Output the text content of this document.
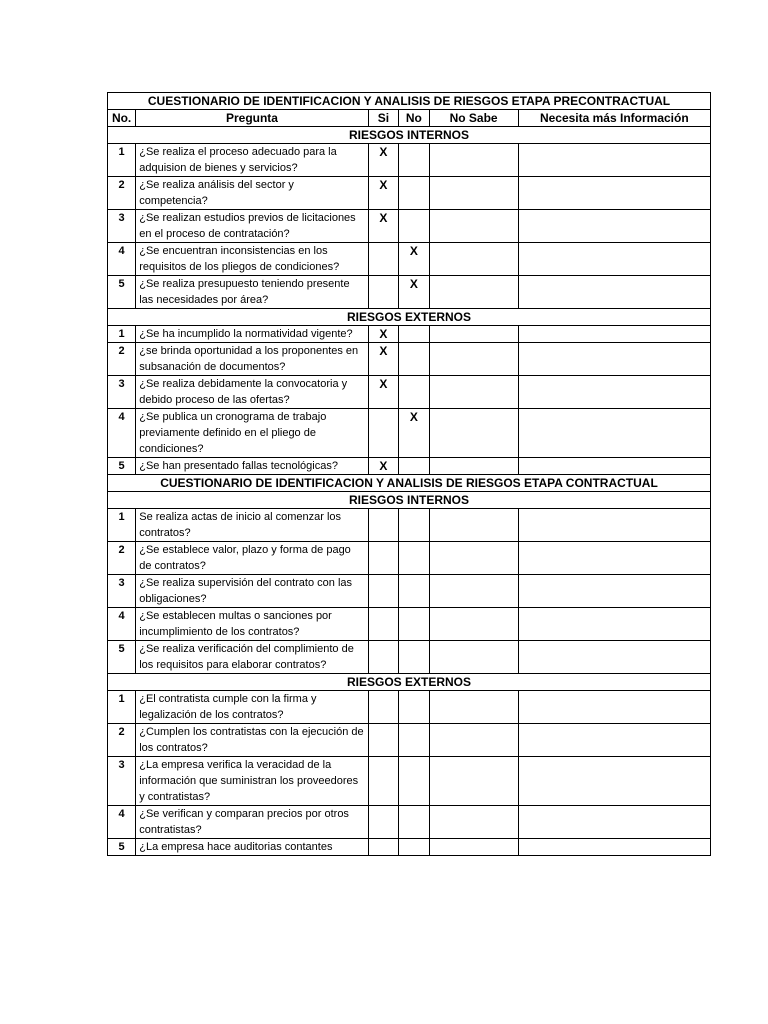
CUESTIONARIO DE IDENTIFICACION Y ANALISIS DE RIESGOS ETAPA PRECONTRACTUAL					
No.	Pregunta	Si	No	No Sabe	Necesita más Información
RIESGOS INTERNOS					
1	¿Se realiza el proceso adecuado para la adquision de bienes y servicios?	X			
2	¿Se realiza análisis del sector y competencia?	X			
3	¿Se realizan estudios previos de licitaciones en el proceso de contratación?	X			
4	¿Se encuentran inconsistencias en los requisitos de los pliegos de condiciones?		X		
5	¿Se realiza presupuesto teniendo presente las necesidades por área?		X		
RIESGOS EXTERNOS					
1	¿Se ha incumplido la normatividad vigente?	X			
2	¿se brinda oportunidad a los proponentes en subsanación de documentos?	X			
3	¿Se realiza debidamente la convocatoria y debido proceso de las ofertas?	X			
4	¿Se publica un cronograma de trabajo previamente definido en el pliego de condiciones?		X		
5	¿Se han presentado fallas tecnológicas?	X			
CUESTIONARIO DE IDENTIFICACION Y ANALISIS DE RIESGOS ETAPA CONTRACTUAL					
RIESGOS INTERNOS					
1	Se realiza actas de inicio al comenzar los contratos?				
2	¿Se establece valor, plazo y forma de pago de contratos?				
3	¿Se realiza supervisión del contrato con las obligaciones?				
4	¿Se establecen multas o sanciones por incumplimiento de los contratos?				
5	¿Se realiza verificación del complimiento de los requisitos para elaborar contratos?				
RIESGOS EXTERNOS					
1	¿El contratista cumple con la firma y legalización de los contratos?				
2	¿Cumplen los contratistas con la ejecución de los contratos?				
3	¿La empresa verifica la veracidad de la información que suministran los proveedores y contratistas?				
4	¿Se verifican y comparan precios por otros contratistas?				
5	¿La empresa hace auditorias contantes				
